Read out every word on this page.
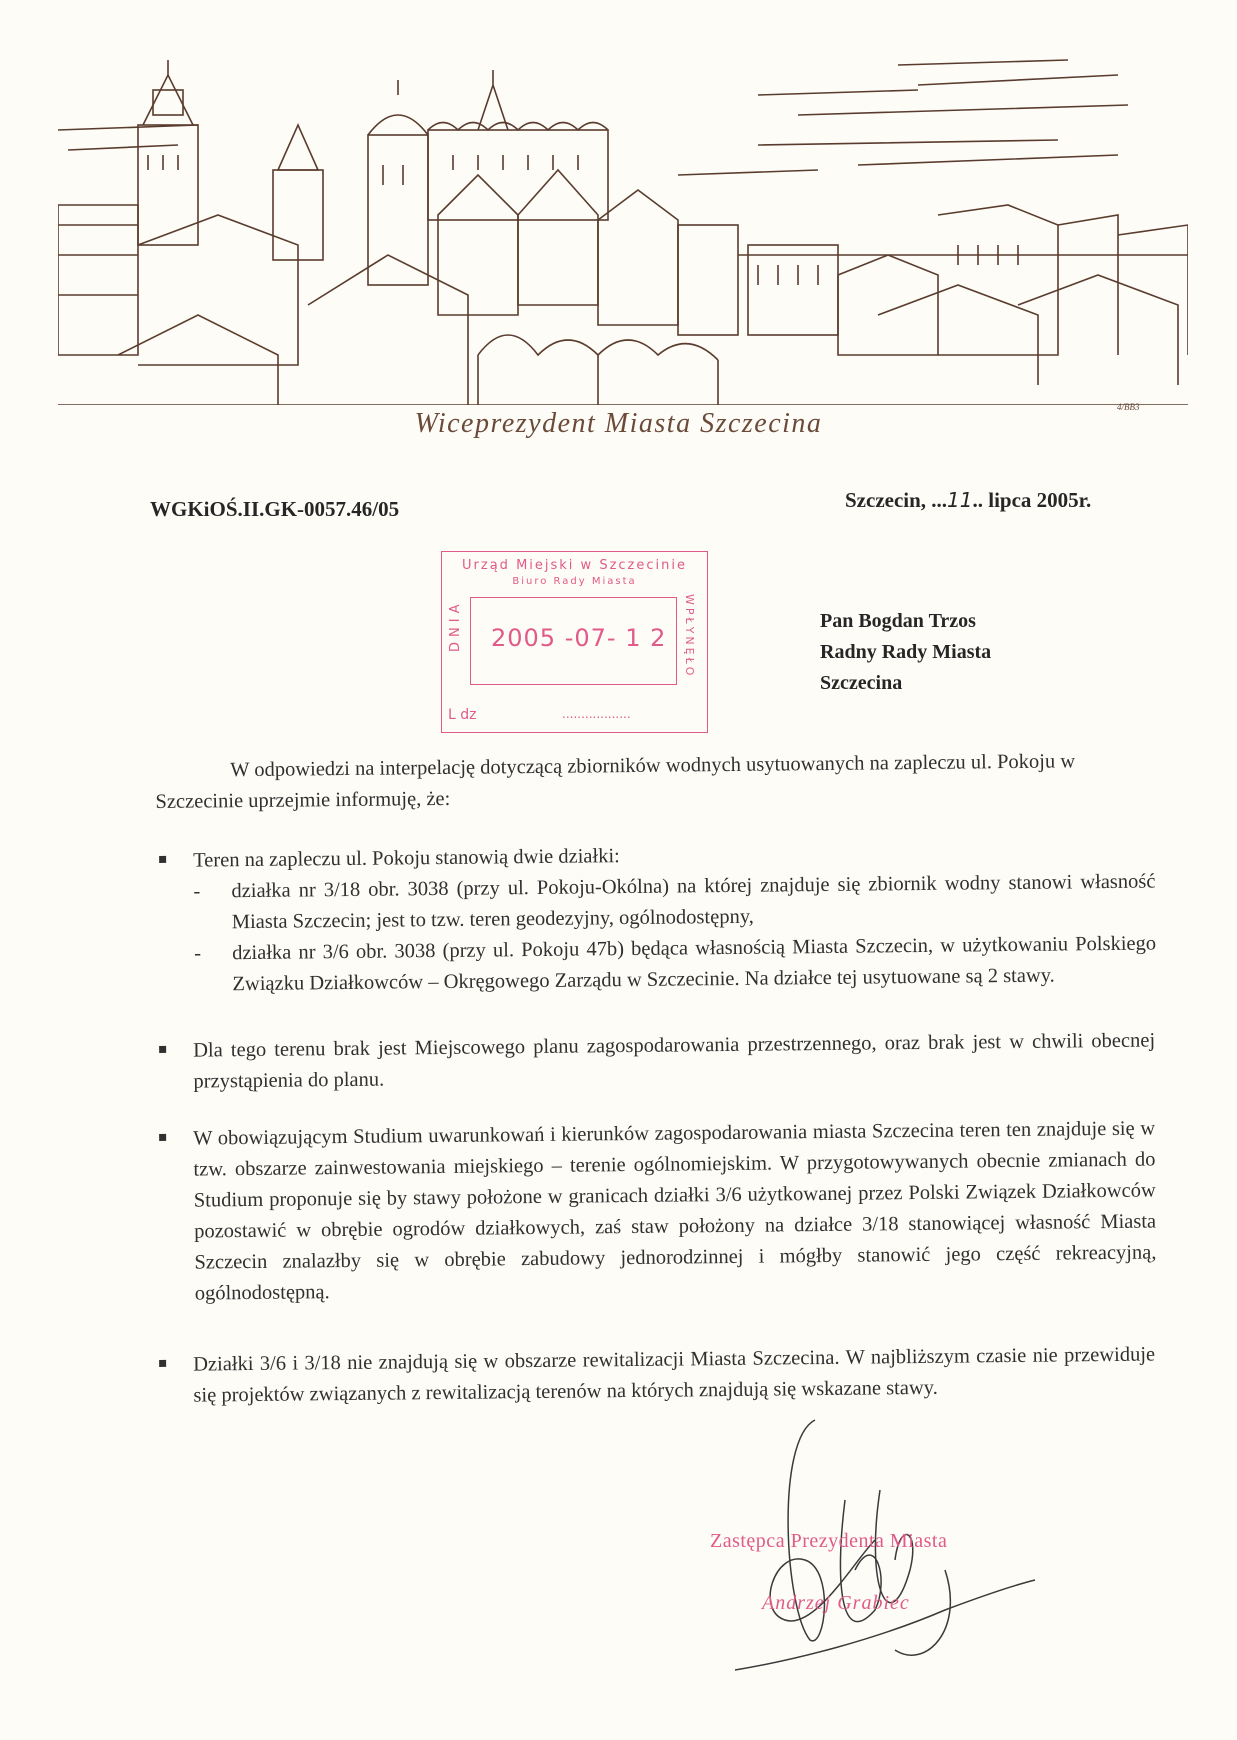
Wiceprezydent Miasta Szczecina
4/BB3
WGKiOŚ.II.GK-0057.46/05	Szczecin, ...11.. lipca 2005r.
Urząd Miejski w Szczecinie
Biuro Rady Miasta
DNIA 2005 -07- 1 2 WPŁYNĘŁO
L dz	..................
Pan Bogdan Trzos
Radny Rady Miasta
Szczecina
W odpowiedzi na interpelację dotyczącą zbiorników wodnych usytuowanych na zapleczu ul. Pokoju w Szczecinie uprzejmie informuję, że:
Teren na zapleczu ul. Pokoju stanowią dwie działki:
- działka nr 3/18 obr. 3038 (przy ul. Pokoju-Okólna) na której znajduje się zbiornik wodny stanowi własność Miasta Szczecin; jest to tzw. teren geodezyjny, ogólnodostępny,
- działka nr 3/6 obr. 3038 (przy ul. Pokoju 47b) będąca własnością Miasta Szczecin, w użytkowaniu Polskiego Związku Działkowców – Okręgowego Zarządu w Szczecinie. Na działce tej usytuowane są 2 stawy.
Dla tego terenu brak jest Miejscowego planu zagospodarowania przestrzennego, oraz brak jest w chwili obecnej przystąpienia do planu.
W obowiązującym Studium uwarunkowań i kierunków zagospodarowania miasta Szczecina teren ten znajduje się w tzw. obszarze zainwestowania miejskiego – terenie ogólnomiejskim. W przygotowywanych obecnie zmianach do Studium proponuje się by stawy położone w granicach działki 3/6 użytkowanej przez Polski Związek Działkowców pozostawić w obrębie ogrodów działkowych, zaś staw położony na działce 3/18 stanowiącej własność Miasta Szczecin znalazłby się w obrębie zabudowy jednorodzinnej i mógłby stanowić jego część rekreacyjną, ogólnodostępną.
Działki 3/6 i 3/18 nie znajdują się w obszarze rewitalizacji Miasta Szczecina. W najbliższym czasie nie przewiduje się projektów związanych z rewitalizacją terenów na których znajdują się wskazane stawy.
Zastępca Prezydenta Miasta
Andrzej Grabiec
